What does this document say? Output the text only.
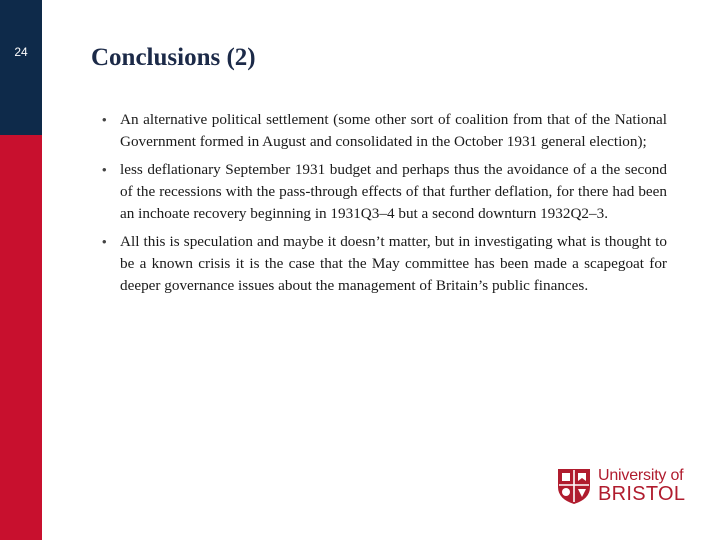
24	Conclusions (2)
• An alternative political settlement (some other sort of coalition from that of the National Government formed in August and consolidated in the October 1931 general election);
• less deflationary September 1931 budget and perhaps thus the avoidance of a the second of the recessions with the pass-through effects of that further deflation, for there had been an inchoate recovery beginning in 1931Q3–4 but a second downturn 1932Q2–3.
• All this is speculation and maybe it doesn’t matter, but in investigating what is thought to be a known crisis it is the case that the May committee has been made a scapegoat for deeper governance issues about the management of Britain’s public finances.
University of
BRISTOL
